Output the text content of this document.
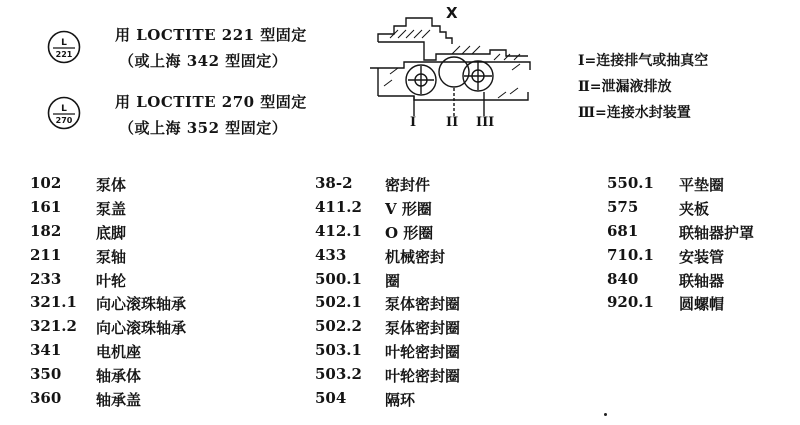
L
221
用 LOCTITE 221 型固定
（或上海 342 型固定）
L
270
用 LOCTITE 270 型固定
（或上海 352 型固定）
X
I II III
Ⅰ=连接排气或抽真空
Ⅱ=泄漏液排放
Ⅲ=连接水封装置
102 泵体
161 泵盖
182 底脚
211 泵轴
233 叶轮
321.1 向心滚珠轴承
321.2 向心滚珠轴承
341 电机座
350 轴承体
360 轴承盖
38-2 密封件
411.2 V 形圈
412.1 O 形圈
433	机械密封
500.1 圈
502.1 泵体密封圈
502.2 泵体密封圈
503.1 叶轮密封圈
503.2 叶轮密封圈
504	隔环
550.1 平垫圈
575	夹板
681	联轴器护罩
710.1 安装管
840	联轴器
920.1 圆螺帽
